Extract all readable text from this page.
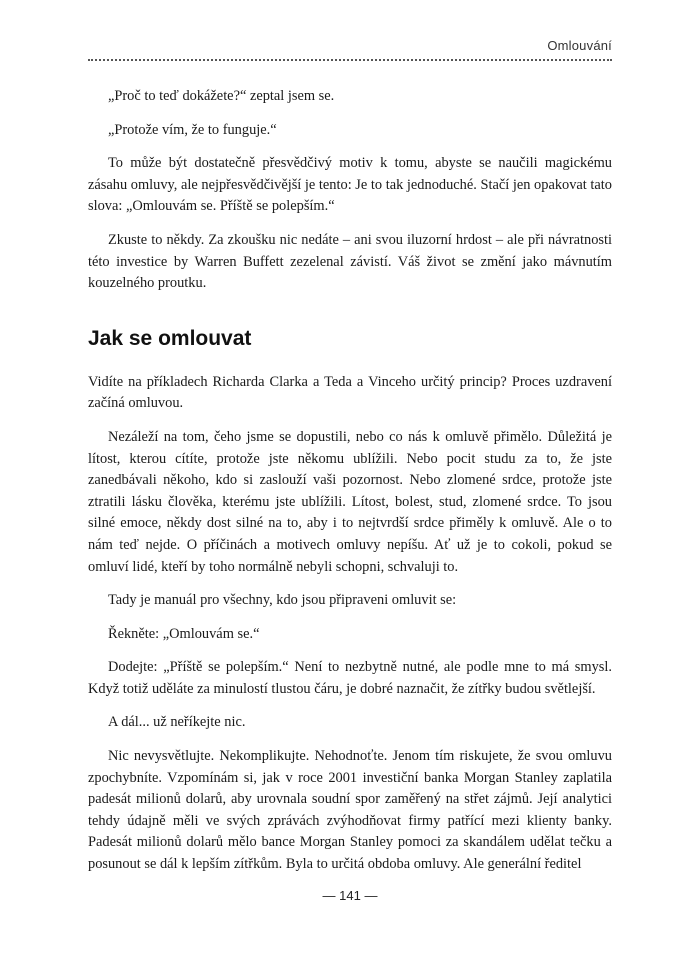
Omlouvání

„Proč to teď dokážete?“ zeptal jsem se.

„Protože vím, že to funguje.“

To může být dostatečně přesvědčivý motiv k tomu, abyste se naučili magickému zásahu omluvy, ale nejpřesvědčivější je tento: Je to tak jednoduché. Stačí jen opakovat tato slova: „Omlouvám se. Příště se polepším.“

Zkuste to někdy. Za zkoušku nic nedáte – ani svou iluzorní hrdost – ale při návratnosti této investice by Warren Buffett zezelenal závistí. Váš život se změní jako mávnutím kouzelného proutku.

Jak se omlouvat

Vidíte na příkladech Richarda Clarka a Teda a Vinceho určitý princip? Proces uzdravení začíná omluvou.

Nezáleží na tom, čeho jsme se dopustili, nebo co nás k omluvě přimělo. Důležitá je lítost, kterou cítíte, protože jste někomu ublížili. Nebo pocit studu za to, že jste zanedbávali někoho, kdo si zaslouží vaši pozornost. Nebo zlomené srdce, protože jste ztratili lásku člověka, kterému jste ublížili. Lítost, bolest, stud, zlomené srdce. To jsou silné emoce, někdy dost silné na to, aby i to nejtvrdší srdce přiměly k omluvě. Ale o to nám teď nejde. O příčinách a motivech omluvy nepíšu. Ať už je to cokoli, pokud se omluví lidé, kteří by toho normálně nebyli schopni, schvaluji to.

Tady je manuál pro všechny, kdo jsou připraveni omluvit se:

Řekněte: „Omlouvám se.“

Dodejte: „Příště se polepším.“ Není to nezbytně nutné, ale podle mne to má smysl. Když totiž uděláte za minulostí tlustou čáru, je dobré naznačit, že zítřky budou světlejší.

A dál... už neříkejte nic.

Nic nevysvětlujte. Nekomplikujte. Nehodnoťte. Jenom tím riskujete, že svou omluvu zpochybníte. Vzpomínám si, jak v roce 2001 investiční banka Morgan Stanley zaplatila padesát milionů dolarů, aby urovnala soudní spor zaměřený na střet zájmů. Její analytici tehdy údajně měli ve svých zprávách zvýhodňovat firmy patřící mezi klienty banky. Padesát milionů dolarů mělo bance Morgan Stanley pomoci za skandálem udělat tečku a posunout se dál k lepším zítřkům. Byla to určitá obdoba omluvy. Ale generální ředitel

— 141 —
